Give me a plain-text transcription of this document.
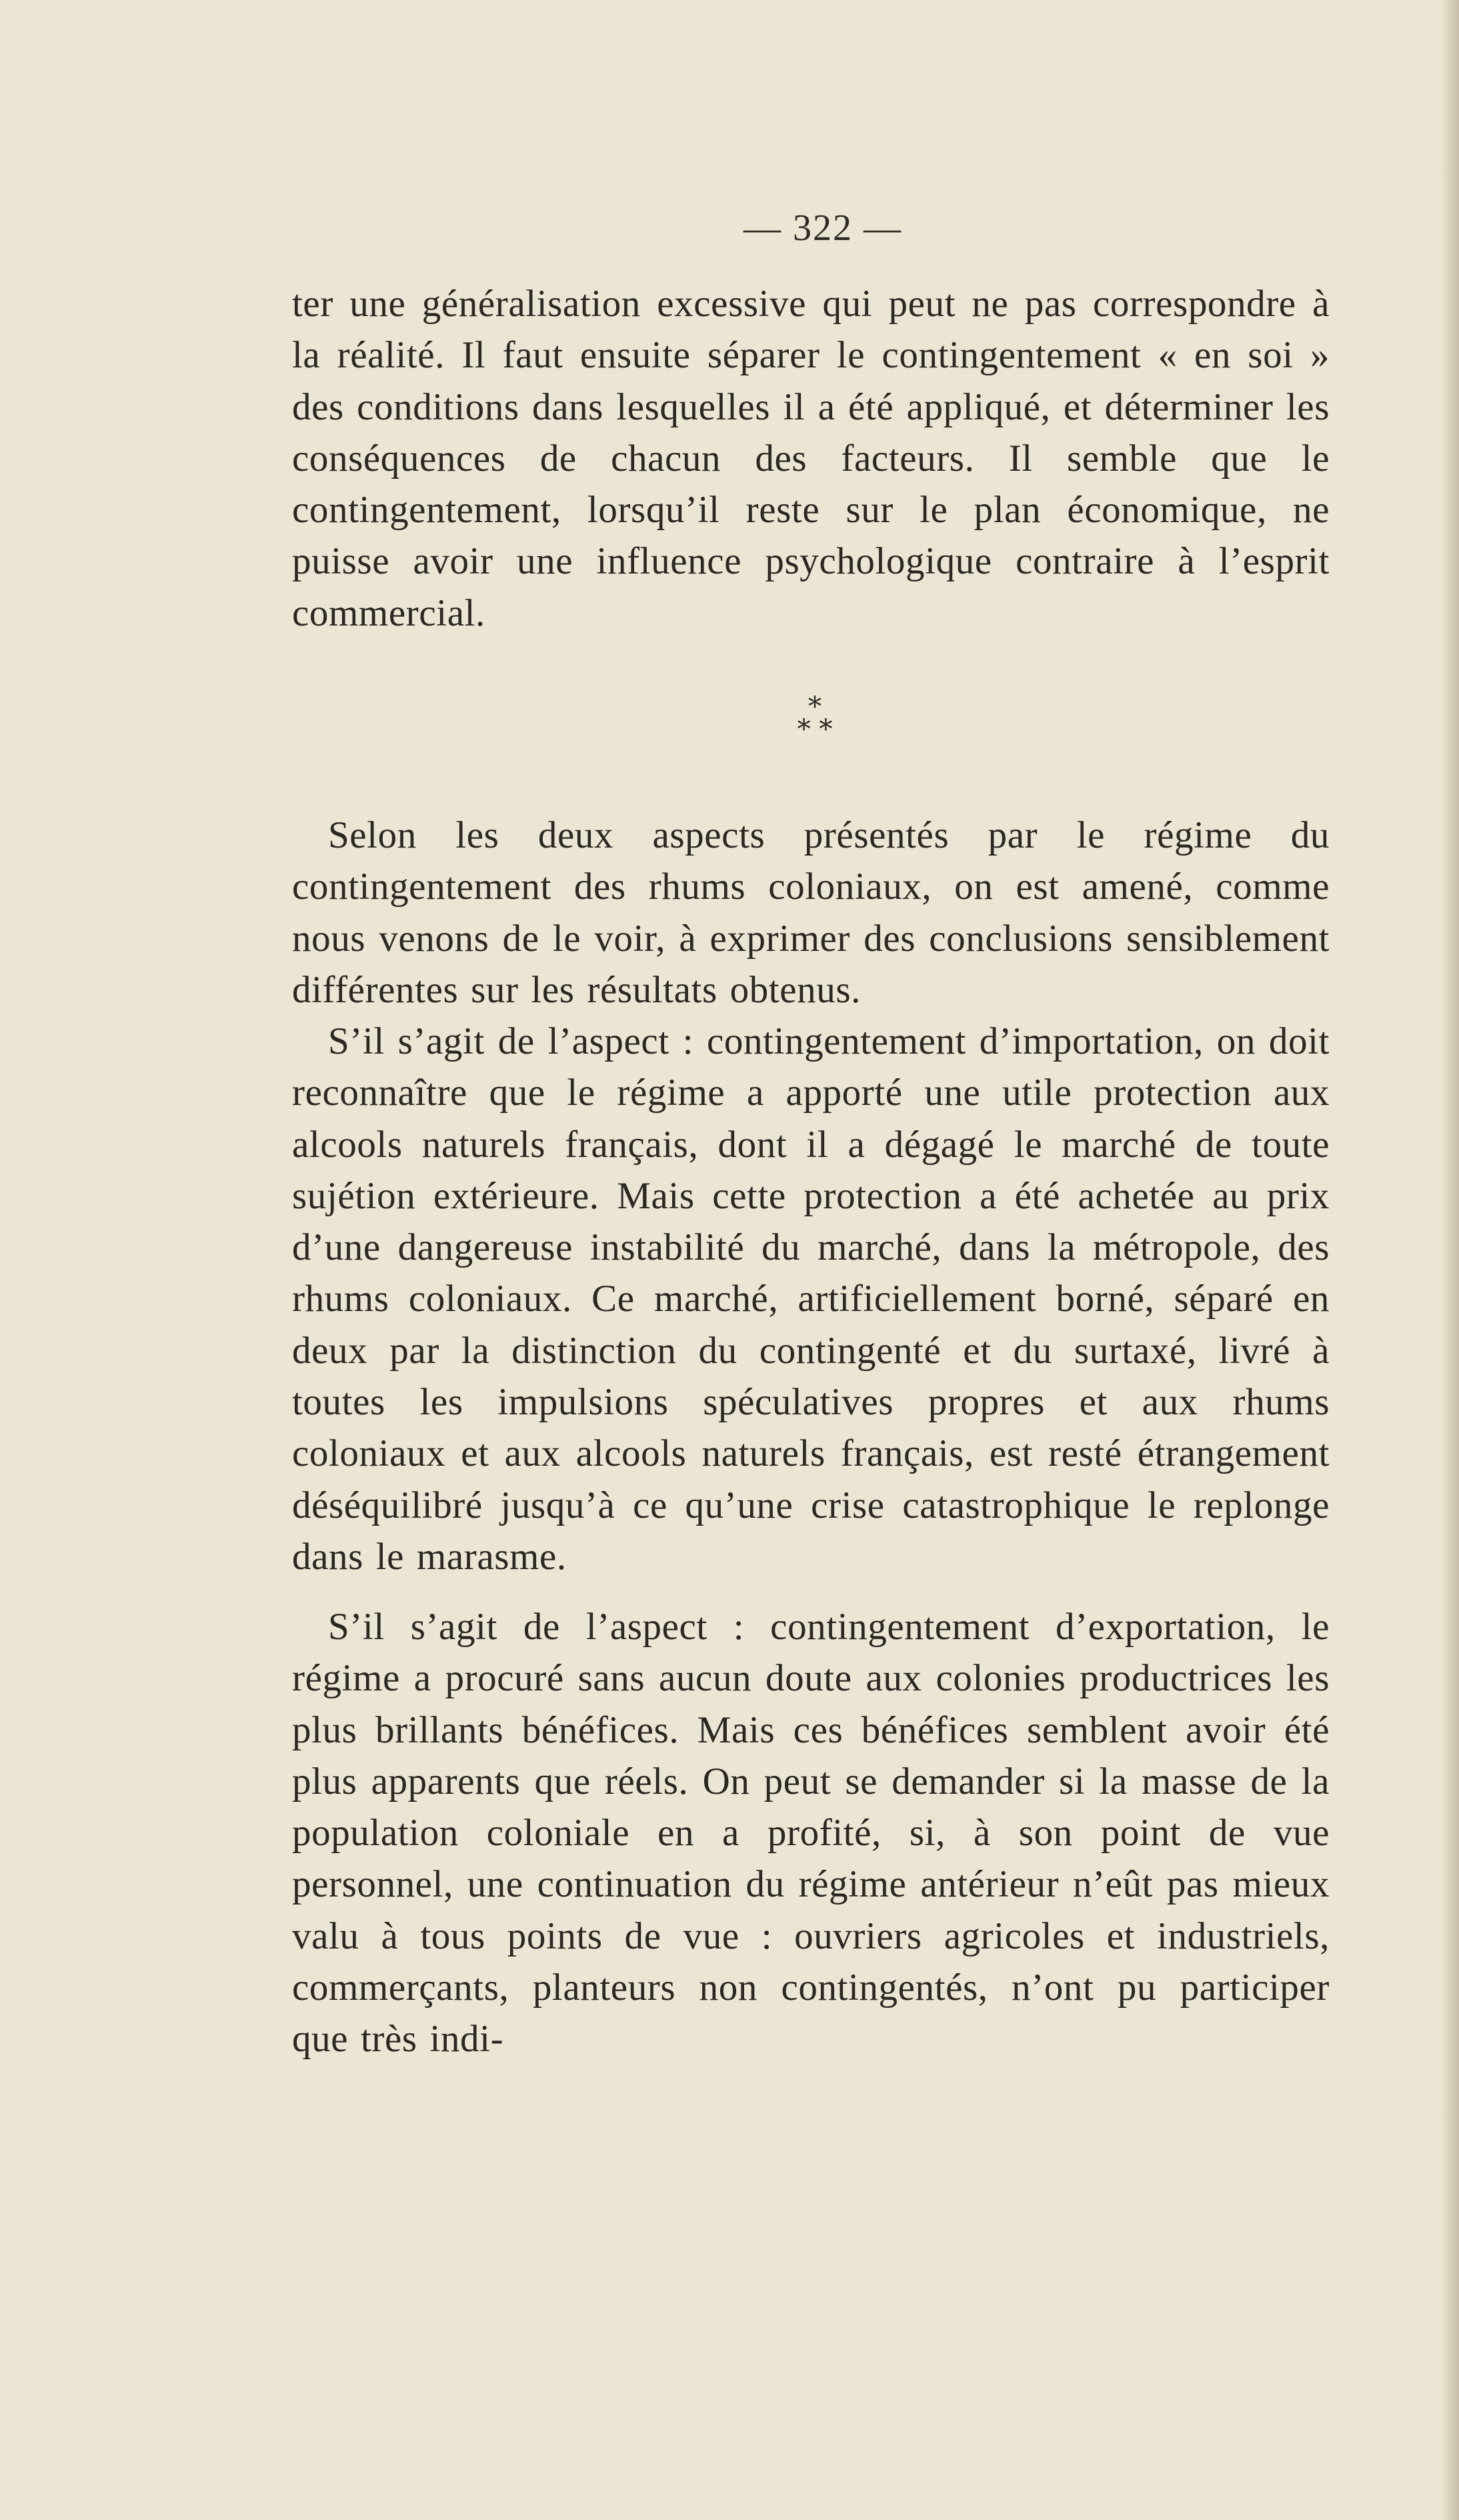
— 322 —

ter une généralisation excessive qui peut ne pas correspondre à la réalité. Il faut ensuite séparer le contingentement « en soi » des conditions dans lesquelles il a été appliqué, et déterminer les conséquences de chacun des facteurs. Il semble que le contingentement, lorsqu’il reste sur le plan économique, ne puisse avoir une influence psychologique contraire à l’esprit commercial.

*
* *

Selon les deux aspects présentés par le régime du contingentement des rhums coloniaux, on est amené, comme nous venons de le voir, à exprimer des conclusions sensiblement différentes sur les résultats obtenus.

S’il s’agit de l’aspect : contingentement d’importation, on doit reconnaître que le régime a apporté une utile protection aux alcools naturels français, dont il a dégagé le marché de toute sujétion extérieure. Mais cette protection a été achetée au prix d’une dangereuse instabilité du marché, dans la métropole, des rhums coloniaux. Ce marché, artificiellement borné, séparé en deux par la distinction du contingenté et du surtaxé, livré à toutes les impulsions spéculatives propres et aux rhums coloniaux et aux alcools naturels français, est resté étrangement déséquilibré jusqu’à ce qu’une crise catastrophique le replonge dans le marasme.

S’il s’agit de l’aspect : contingentement d’exportation, le régime a procuré sans aucun doute aux colonies productrices les plus brillants bénéfices. Mais ces bénéfices semblent avoir été plus apparents que réels. On peut se demander si la masse de la population coloniale en a profité, si, à son point de vue personnel, une continuation du régime antérieur n’eût pas mieux valu à tous points de vue : ouvriers agricoles et industriels, commerçants, planteurs non contingentés, n’ont pu participer que très indi-
